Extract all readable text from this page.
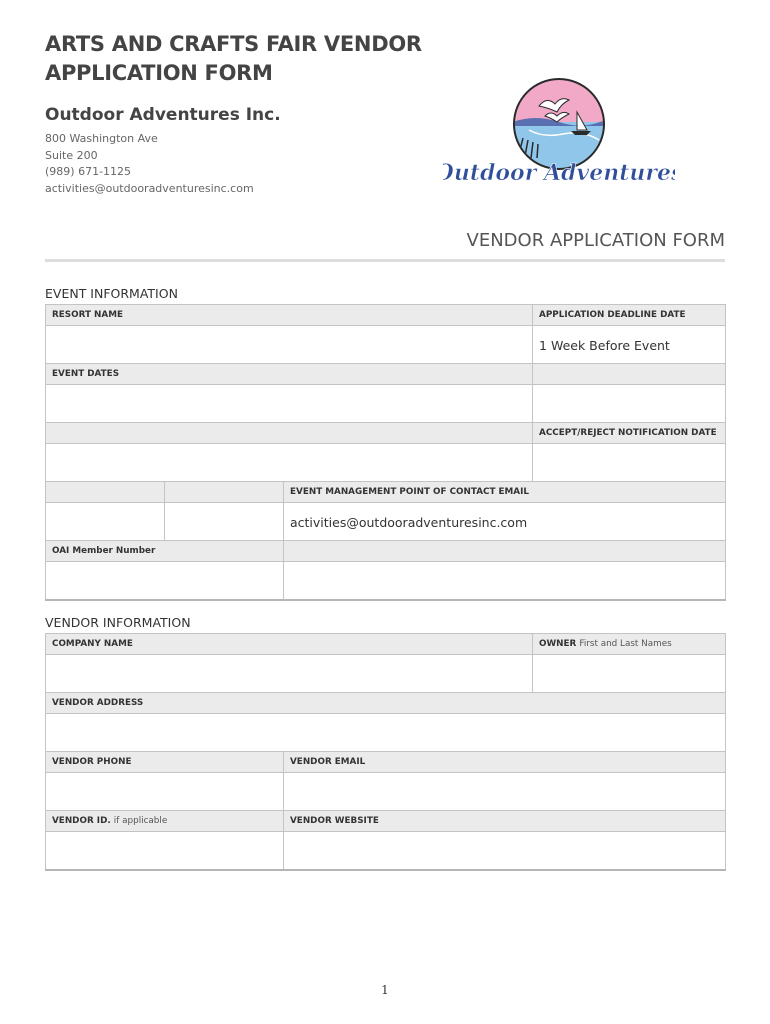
ARTS AND CRAFTS FAIR VENDOR
APPLICATION FORM
Outdoor Adventures Inc.
800 Washington Ave
Suite 200
(989) 671-1125
activities@outdooradventuresinc.com
Outdoor Adventures
VENDOR APPLICATION FORM
EVENT INFORMATION
RESORT NAME			APPLICATION DEADLINE DATE
			1 Week Before Event
EVENT DATES			

			ACCEPT/REJECT NOTIFICATION DATE

		EVENT MANAGEMENT POINT OF CONTACT EMAIL	
		activities@outdooradventuresinc.com	
OAI Member Number			

VENDOR INFORMATION
COMPANY NAME		OWNER First and Last Names

VENDOR ADDRESS		

VENDOR PHONE	VENDOR EMAIL	

VENDOR ID. if applicable	VENDOR WEBSITE	

1
